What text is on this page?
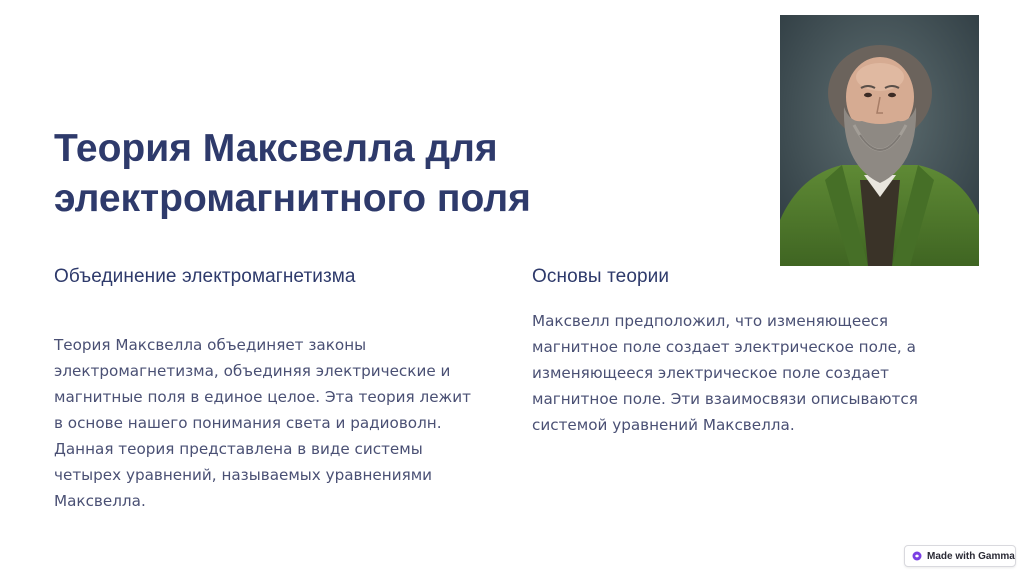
Теория Максвелла для электромагнитного поля
Объединение электромагнетизма

Теория Максвелла объединяет законы электромагнетизма, объединяя электрические и магнитные поля в единое целое. Эта теория лежит в основе нашего понимания света и радиоволн. Данная теория представлена в виде системы четырех уравнений, называемых уравнениями Максвелла.

Основы теории

Максвелл предположил, что изменяющееся магнитное поле создает электрическое поле, а изменяющееся электрическое поле создает магнитное поле. Эти взаимосвязи описываются системой уравнений Максвелла.

Made with Gamma
